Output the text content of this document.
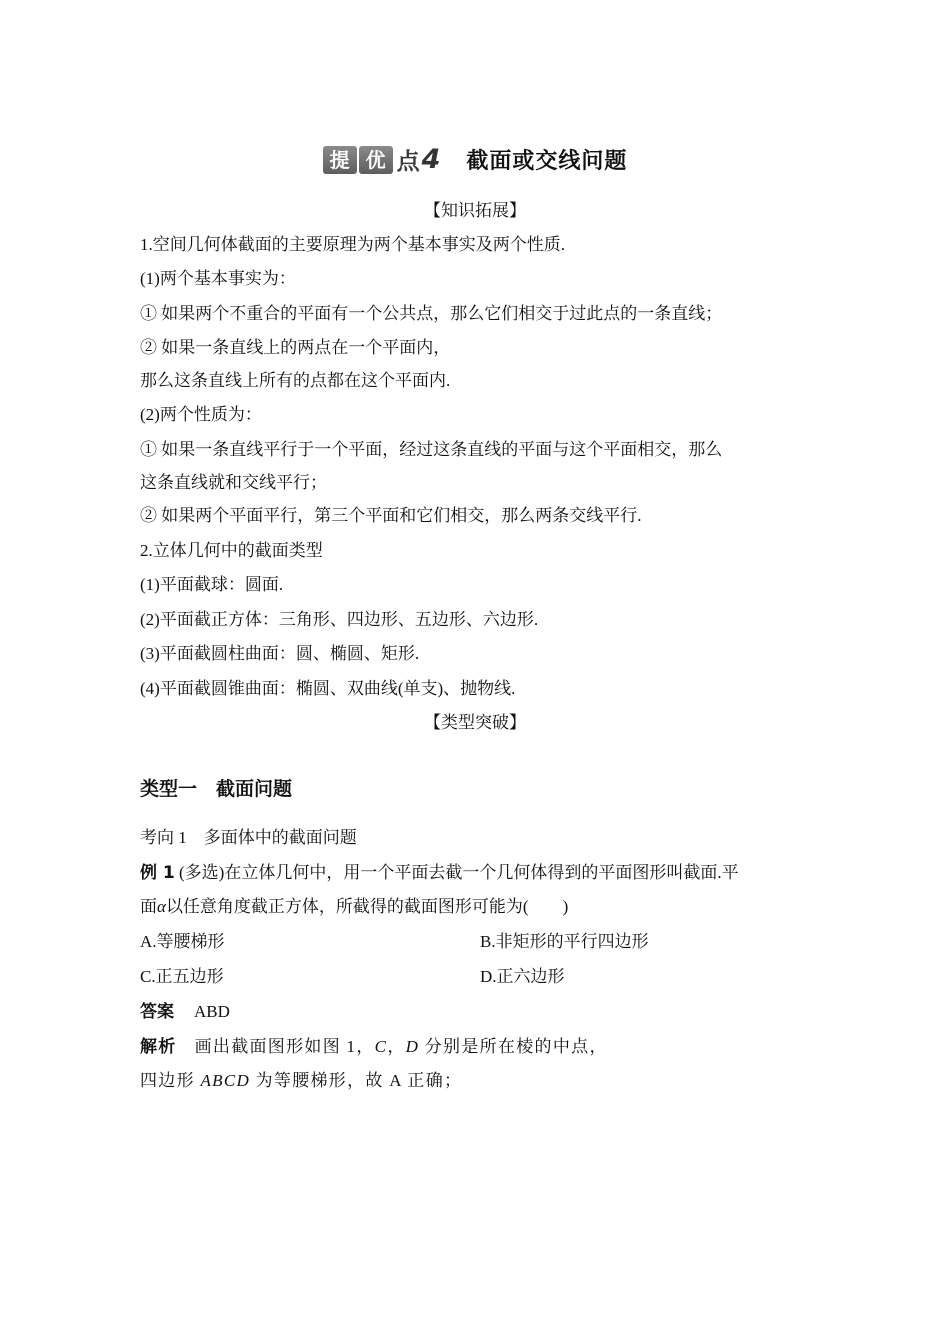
提 优 点 4 截面或交线问题
【知识拓展】
1.空间几何体截面的主要原理为两个基本事实及两个性质.
(1)两个基本事实为：
① 如果两个不重合的平面有一个公共点，那么它们相交于过此点的一条直线；
② 如果一条直线上的两点在一个平面内，
那么这条直线上所有的点都在这个平面内.
(2)两个性质为：
① 如果一条直线平行于一个平面，经过这条直线的平面与这个平面相交，那么
这条直线就和交线平行；
② 如果两个平面平行，第三个平面和它们相交，那么两条交线平行.
2.立体几何中的截面类型
(1)平面截球：圆面.
(2)平面截正方体：三角形、四边形、五边形、六边形.
(3)平面截圆柱曲面：圆、椭圆、矩形.
(4)平面截圆锥曲面：椭圆、双曲线(单支)、抛物线.
【类型突破】
类型一　截面问题
考向 1　多面体中的截面问题
例 1 (多选)在立体几何中，用一个平面去截一个几何体得到的平面图形叫截面.平
面α以任意角度截正方体，所截得的截面图形可能为(　　)
A.等腰梯形	B.非矩形的平行四边形
C.正五边形	D.正六边形
答案 ABD
解析 画出截面图形如图 1，C，D 分别是所在棱的中点，
四边形 ABCD 为等腰梯形，故 A 正确；
